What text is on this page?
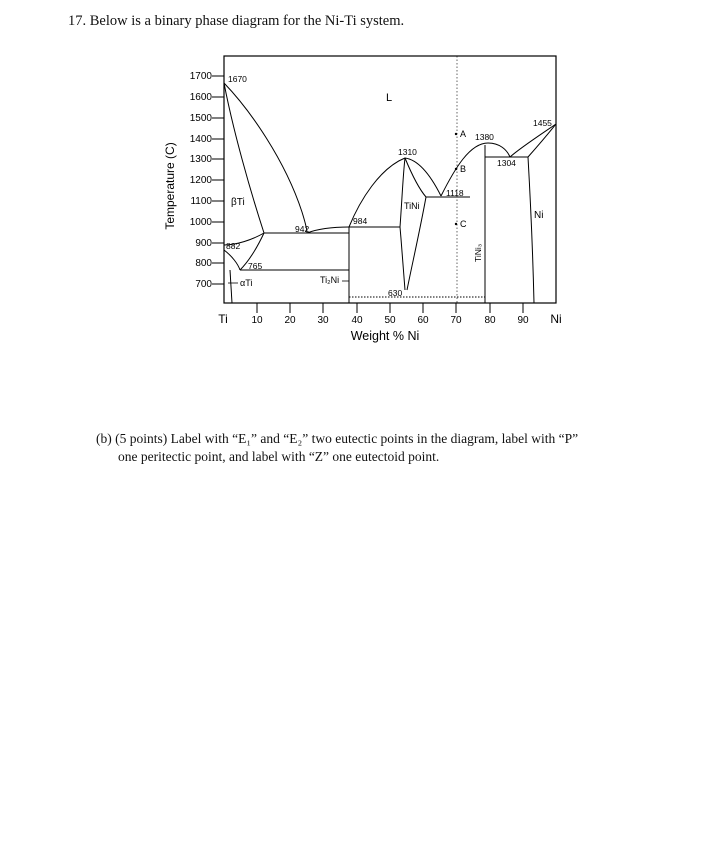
17. Below is a binary phase diagram for the Ni-Ti system.
Temperature (C)
1700
1600
1500
1400
1300
1200
1100
1000
900
800
700
Ti 10 20 30 40 50 60 70 80 90 Ni
Weight % Ni
1670
1455
1380
1310
1304
1118
984
942
882
765
630
L
βTi
αTi	Ti₂Ni
TiNi
TiNi₃
Ni
A
B
C
(b) (5 points) Label with “E₁” and “E₂” two eutectic points in the diagram, label with “P”
one peritectic point, and label with “Z” one eutectoid point.
